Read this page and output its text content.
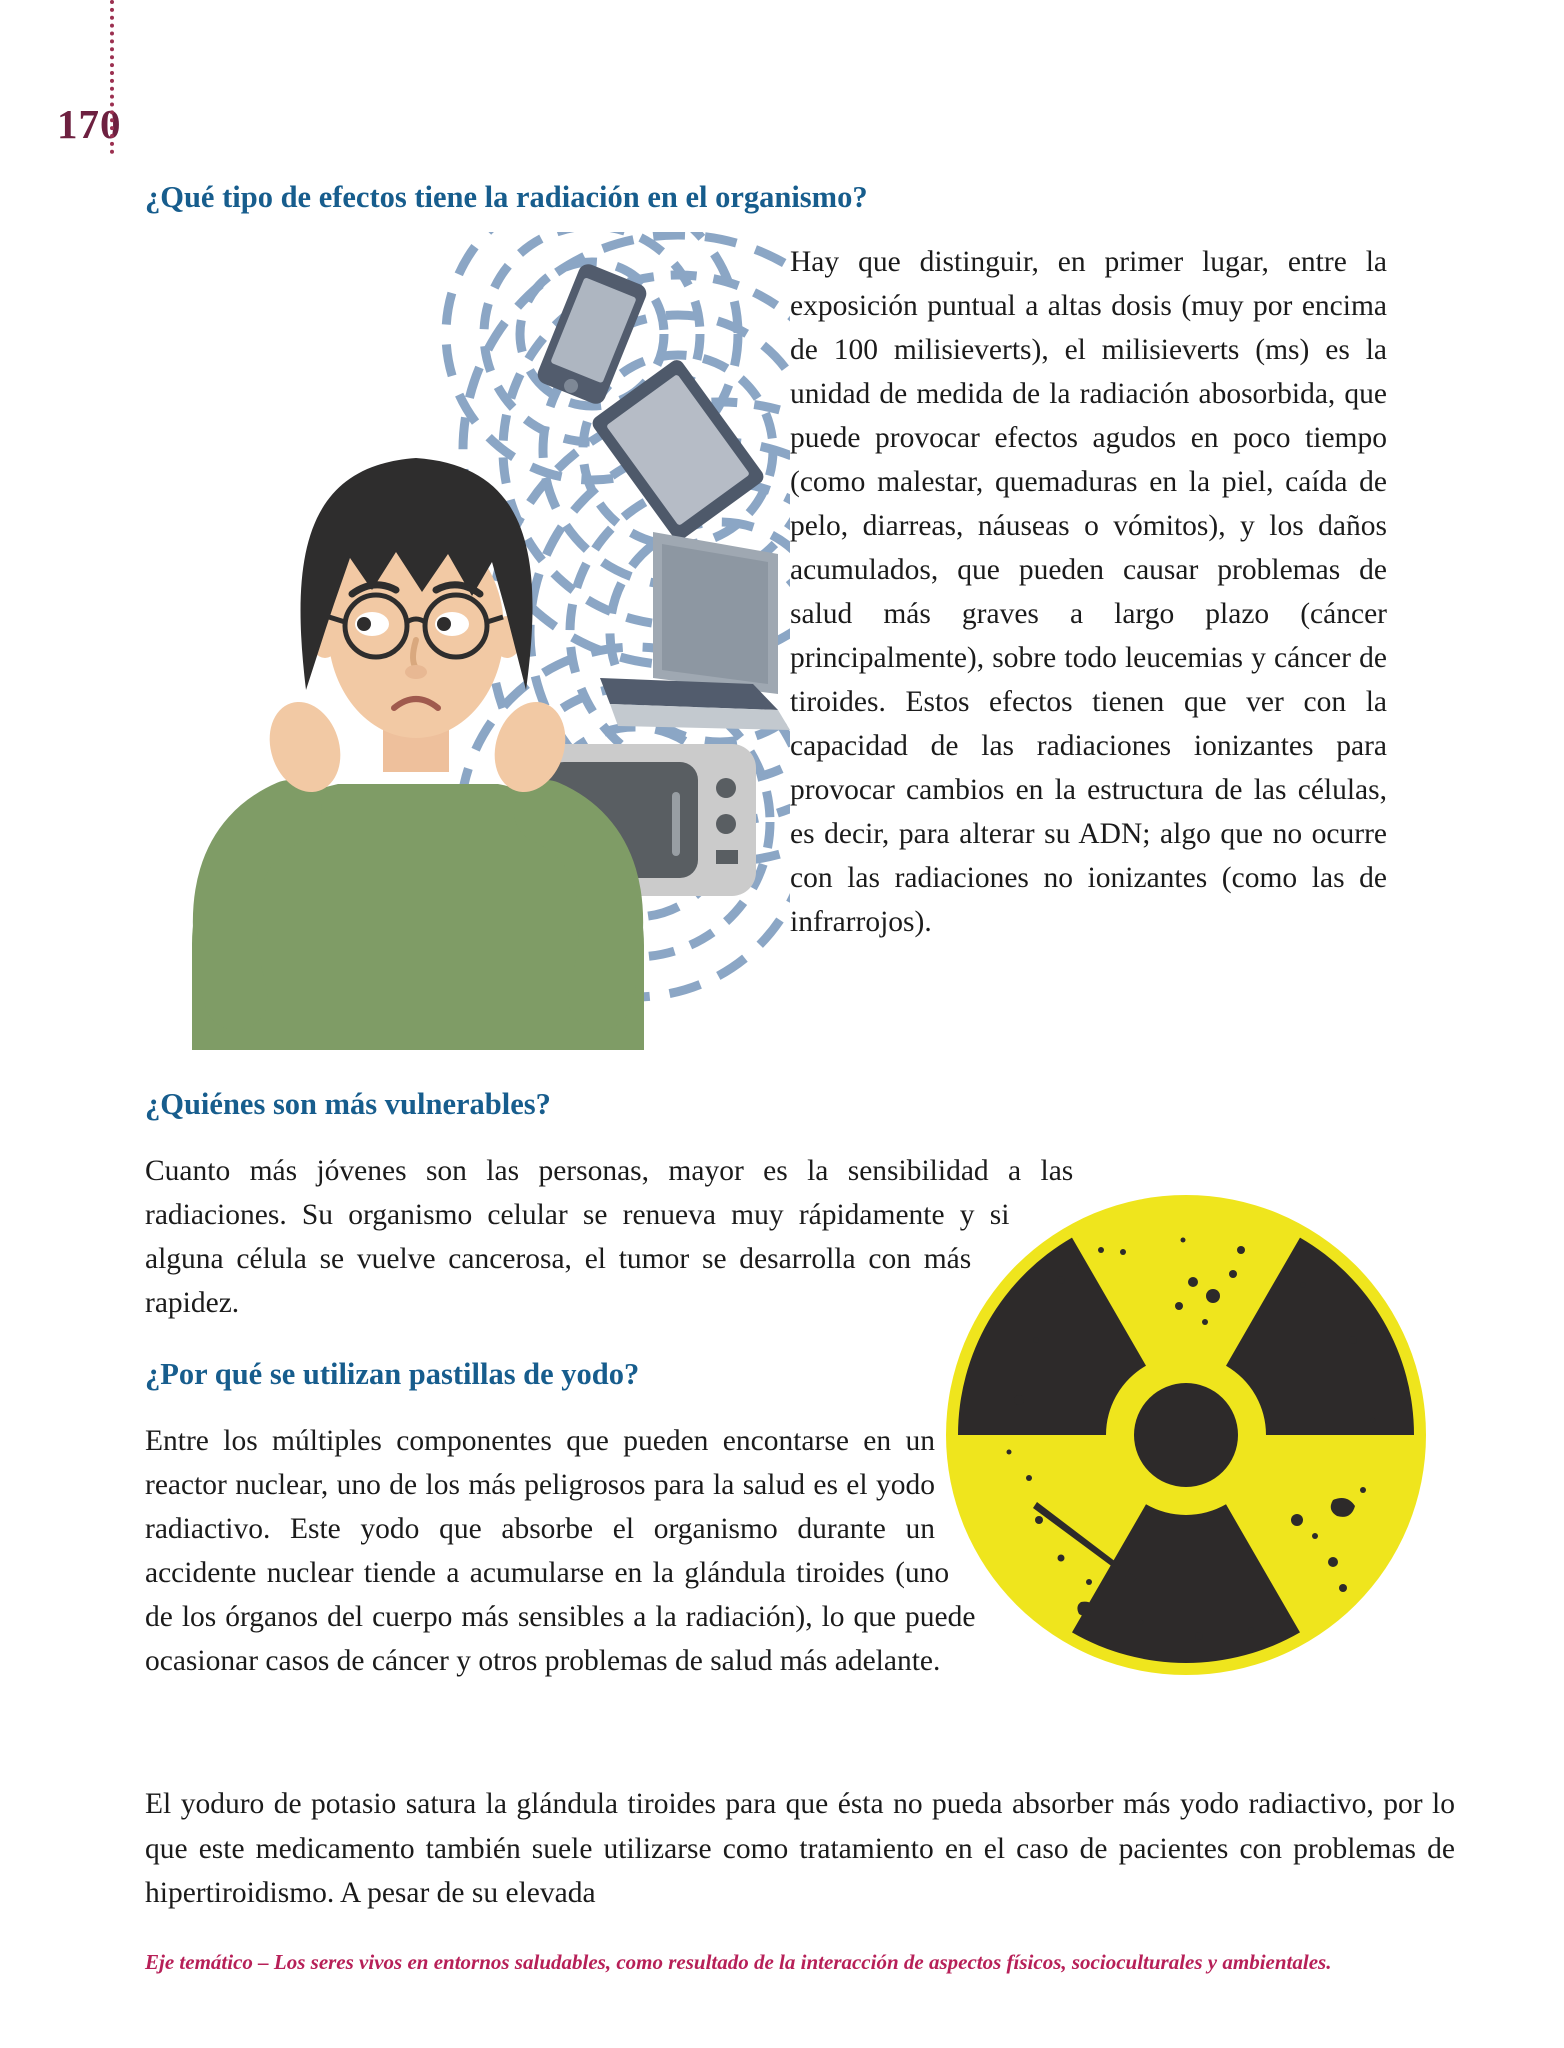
170
¿Qué tipo de efectos tiene la radiación en el organismo?

Hay que distinguir, en primer lugar, entre la exposición puntual a altas dosis (muy por encima de 100 milisieverts), el milisieverts (ms) es la unidad de medida de la radiación abosorbida, que puede provocar efectos agudos en poco tiempo (como malestar, quemaduras en la piel, caída de pelo, diarreas, náuseas o vómitos), y los daños acumulados, que pueden causar problemas de salud más graves a largo plazo (cáncer principalmente), sobre todo leucemias y cáncer de tiroides. Estos efectos tienen que ver con la capacidad de las radiaciones ionizantes para provocar cambios en la estructura de las células, es decir, para alterar su ADN; algo que no ocurre con las radiaciones no ionizantes (como las de infrarrojos).

¿Quiénes son más vulnerables?

Cuanto más jóvenes son las personas, mayor es la sensibilidad a las radiaciones. Su organismo celular se renueva muy rápidamente y si alguna célula se vuelve cancerosa, el tumor se desarrolla con más rapidez.

¿Por qué se utilizan pastillas de yodo?

Entre los múltiples componentes que pueden encontarse en un reactor nuclear, uno de los más peligrosos para la salud es el yodo radiactivo. Este yodo que absorbe el organismo durante un accidente nuclear tiende a acumularse en la glándula tiroides (uno de los órganos del cuerpo más sensibles a la radiación), lo que puede ocasionar casos de cáncer y otros problemas de salud más adelante.

El yoduro de potasio satura la glándula tiroides para que ésta no pueda absorber más yodo radiactivo, por lo que este medicamento también suele utilizarse como tratamiento en el caso de pacientes con problemas de hipertiroidismo. A pesar de su elevada

Eje temático – Los seres vivos en entornos saludables, como resultado de la interacción de aspectos físicos, socioculturales y ambientales.
